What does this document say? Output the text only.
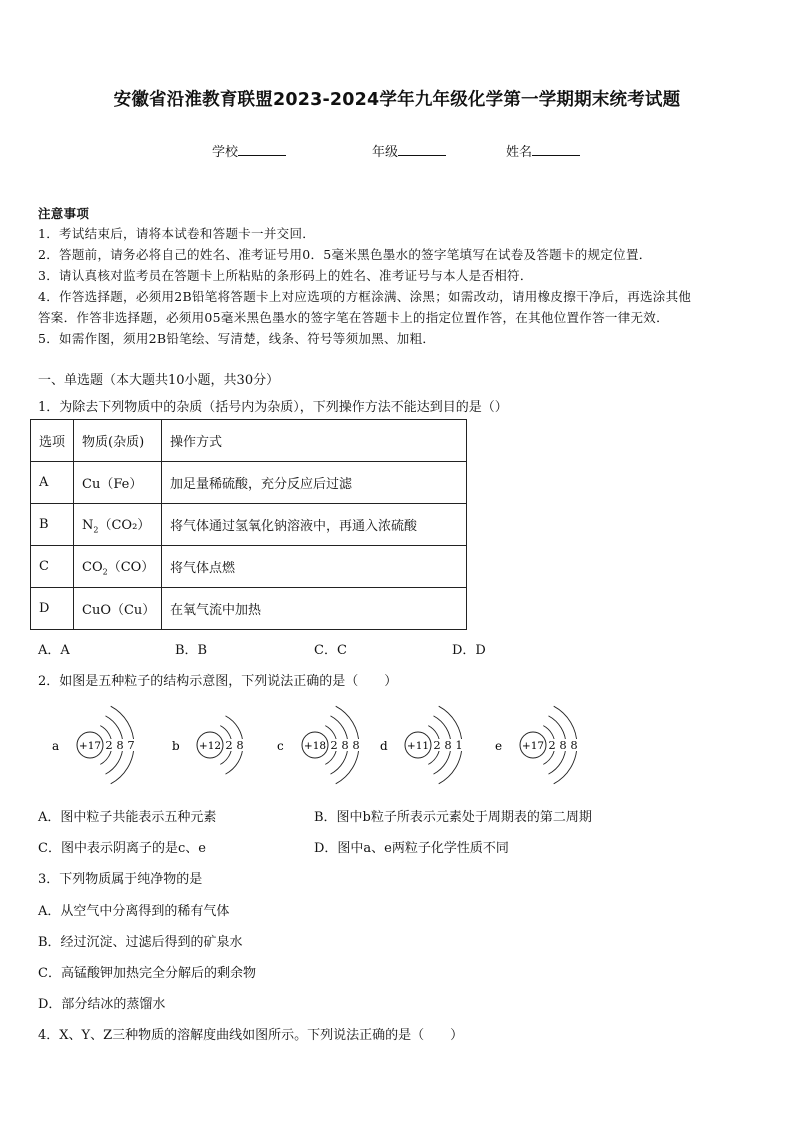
安徽省沿淮教育联盟2023-2024学年九年级化学第一学期期末统考试题
学校	年级	姓名
注意事项
1．考试结束后，请将本试卷和答题卡一并交回．
2．答题前，请务必将自己的姓名、准考证号用0．5毫米黑色墨水的签字笔填写在试卷及答题卡的规定位置．
3．请认真核对监考员在答题卡上所粘贴的条形码上的姓名、准考证号与本人是否相符．
4．作答选择题，必须用2B铅笔将答题卡上对应选项的方框涂满、涂黑；如需改动，请用橡皮擦干净后，再选涂其他
答案．作答非选择题，必须用05毫米黑色墨水的签字笔在答题卡上的指定位置作答，在其他位置作答一律无效．
5．如需作图，须用2B铅笔绘、写清楚，线条、符号等须加黑、加粗．
一、单选题（本大题共10小题，共30分）
1．为除去下列物质中的杂质（括号内为杂质），下列操作方法不能达到目的是（）
选项	物质(杂质)	操作方式
A	Cu（Fe）	加足量稀硫酸，充分反应后过滤
B	$N_2(CO_2)$	将气体通过氢氧化钠溶液中，再通入浓硫酸
C	$CO_2(CO)$	将气体点燃
D	CuO（Cu）	在氧气流中加热
A．A	B．B	C．C	D．D
2．如图是五种粒子的结构示意图，下列说法正确的是（　　）
a +17 2 8 7	b +12 2 8	c +18 2 8 8 d +11 2 8 1	e +17 2 8 8
A．图中粒子共能表示五种元素	B．图中b粒子所表示元素处于周期表的第二周期
C．图中表示阴离子的是c、e	D．图中a、e两粒子化学性质不同
3．下列物质属于纯净物的是
A．从空气中分离得到的稀有气体
B．经过沉淀、过滤后得到的矿泉水
C．高锰酸钾加热完全分解后的剩余物
D．部分结冰的蒸馏水
4．X、Y、Z三种物质的溶解度曲线如图所示。下列说法正确的是（　　）
